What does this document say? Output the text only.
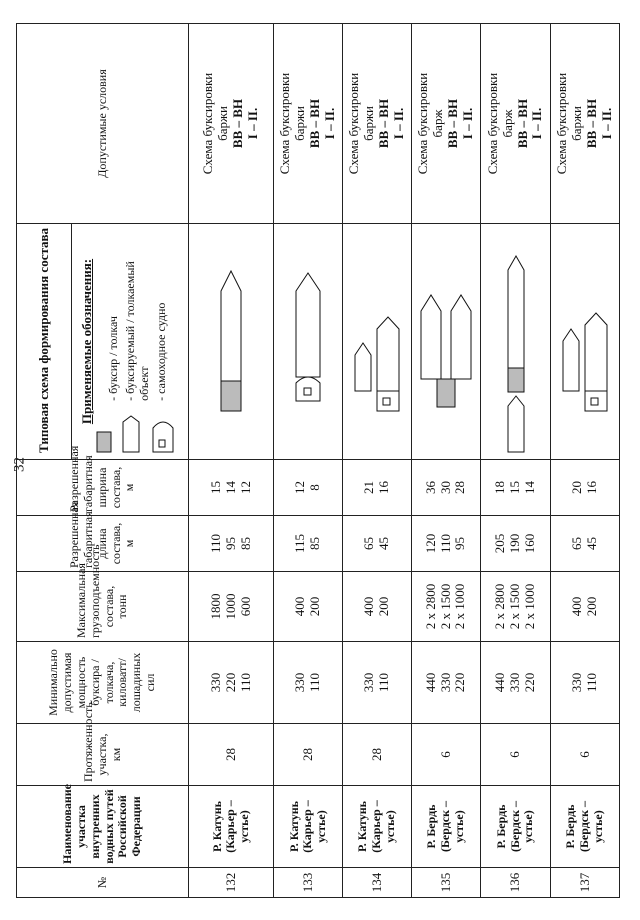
32
№	Наименование участка внутренних водных путей Российской Федерации	Протяженность участка, км	Минимально допустимая мощность буксира / толкача, киловатт/лошадиных сил	Максимальная грузоподъемность состава, тонн	Разрешенная габаритная длина состава, м	Разрешенная габаритная ширина состава, м	Типовая схема формирования состава	Допустимые условия

							Применяемые обозначения: - буксир / толкач - буксируемый / толкаемый объект - самоходное судно	

132	Р. Катунь (Карьер – устье)	28	330 220 110	1800 1000 600	110 95 85	15 14 12		Схема буксировки баржи ВВ – ВН I – II.

133	Р. Катунь (Карьер – устье)	28	330 110	400 200	115 85	12 8		Схема буксировки баржи ВВ – ВН I – II.

134	Р. Катунь (Карьер – устье)	28	330 110	400 200	65 45	21 16		Схема буксировки баржи ВВ – ВН I – II.

135	Р. Бердь (Бердск – устье)	6	440 330 220	2 x 2800 2 x 1500 2 x 1000	120 110 95	36 30 28		Схема буксировки барж ВВ – ВН I – II.

136	Р. Бердь (Бердск – устье)	6	440 330 220	2 x 2800 2 x 1500 2 x 1000	205 190 160	18 15 14		Схема буксировки барж ВВ – ВН I – II.

137	Р. Бердь (Бердск – устье)	6	330 110	400 200	65 45	20 16		Схема буксировки баржи ВВ – ВН I – II.
